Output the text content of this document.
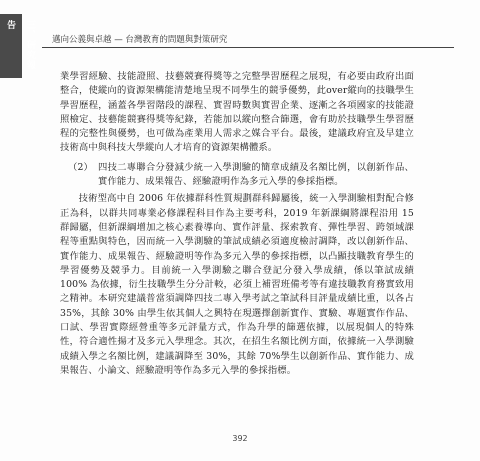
三、研究報告
邁向公義與卓越 — 台灣教育的問題與對策研究

業學習經驗、技能證照、技藝競賽得獎等之完整學習歷程之展現，有必要由政府出面整合，使縱向的資源架構能清楚地呈現不同學生的競爭優勢，此over縱向的技職學生學習歷程，涵蓋各學習階段的課程、實習時數與實習企業、逐漸之各項國家的技能證照檢定、技藝能競賽得獎等紀錄，若能加以縱向整合篩選，會有助於技職學生學習歷程的完整性與優勢，也可做為產業用人需求之媒合平台。最後，建議政府宜及早建立技術高中與科技大學縱向人才培育的資源架構體系。

（2） 四技二專聯合分發減少統一入學測驗的簡章成績及名額比例，以創新作品、實作能力、成果報告、經驗證明作為多元入學的參採指標。

技術型高中自 2006 年依據群科性質規劃群科歸屬後，統一入學測驗相對配合修正為科，以群共同專業必修課程科目作為主要考科，2019 年新課綱將課程沿用 15 群歸屬，但新課綱增加之核心素養導向、實作評量、探索教育、彈性學習、跨領域課程等重點與特色，因而統一入學測驗的筆試成績必須適度檢討調降，改以創新作品、實作能力、成果報告、經驗證明等作為多元入學的參採指標，以凸顯技職教育學生的學習優勢及競爭力。目前統一入學測驗之聯合登記分發入學成績，係以筆試成績 100% 為依據，衍生技職學生分分計較，必須上補習班備考等有違技職教育務實致用之精神。本研究建議普當須調降四技二專入學考試之筆試科目評量成績比重，以各占 35%，其餘 30% 由學生依其個人之興特在現選擇創新實作、實驗、專題實作作品、口試、學習實際經營重等多元評量方式，作為升學的篩選依據，以展現個人的特殊性，符合適性揚才及多元入學理念。其次，在招生名額比例方面，依據統一入學測驗成績入學之名額比例，建議調降至 30%，其餘 70%學生以創新作品、實作能力、成果報告、小論文、經驗證明等作為多元入學的參採指標。

392
